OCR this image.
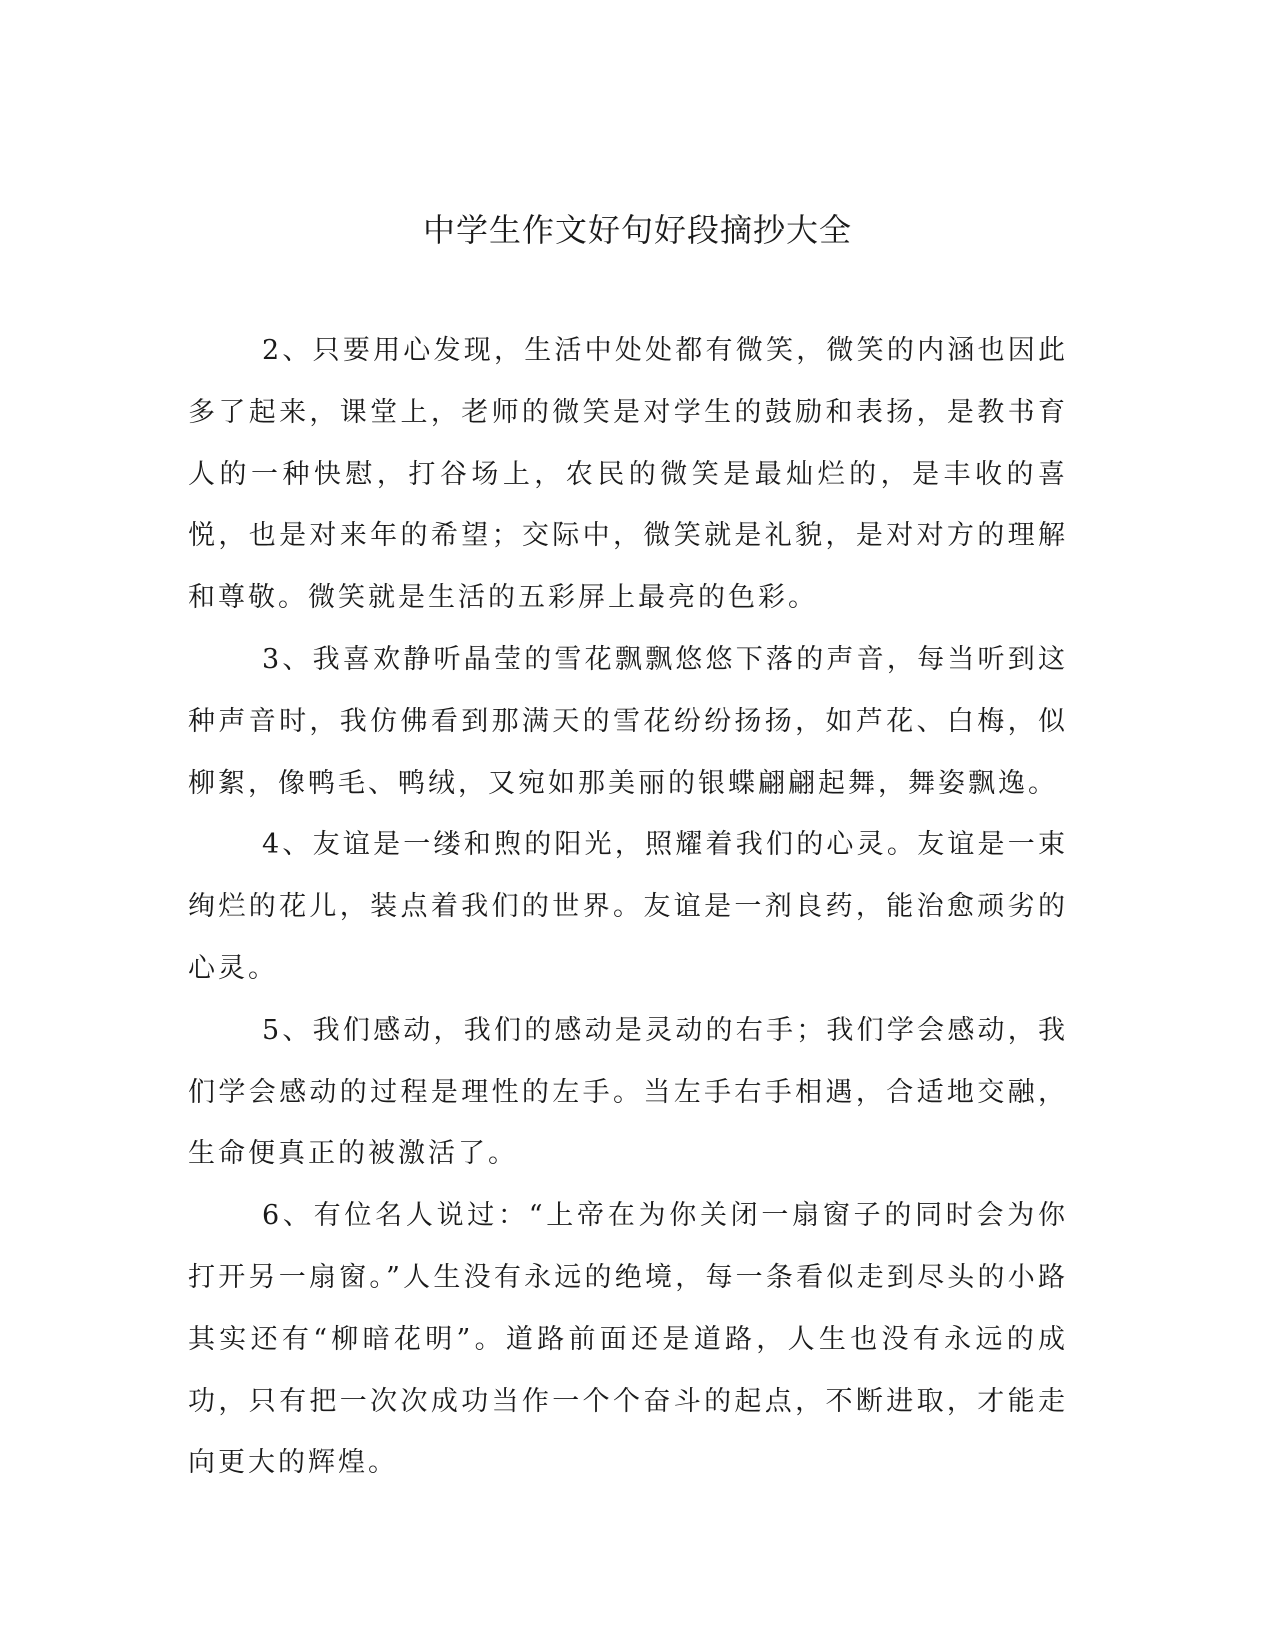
中学生作文好句好段摘抄大全

2、只要用心发现，生活中处处都有微笑，微笑的内涵也因此多了起来，课堂上，老师的微笑是对学生的鼓励和表扬，是教书育人的一种快慰，打谷场上，农民的微笑是最灿烂的，是丰收的喜悦，也是对来年的希望；交际中，微笑就是礼貌，是对对方的理解和尊敬。微笑就是生活的五彩屏上最亮的色彩。

3、我喜欢静听晶莹的雪花飘飘悠悠下落的声音，每当听到这种声音时，我仿佛看到那满天的雪花纷纷扬扬，如芦花、白梅，似柳絮，像鸭毛、鸭绒，又宛如那美丽的银蝶翩翩起舞，舞姿飘逸。

4、友谊是一缕和煦的阳光，照耀着我们的心灵。友谊是一束绚烂的花儿，装点着我们的世界。友谊是一剂良药，能治愈顽劣的心灵。

5、我们感动，我们的感动是灵动的右手；我们学会感动，我们学会感动的过程是理性的左手。当左手右手相遇，合适地交融，生命便真正的被激活了。

6、有位名人说过：“上帝在为你关闭一扇窗子的同时会为你打开另一扇窗。”人生没有永远的绝境，每一条看似走到尽头的小路其实还有“柳暗花明”。道路前面还是道路，人生也没有永远的成功，只有把一次次成功当作一个个奋斗的起点，不断进取，才能走向更大的辉煌。
